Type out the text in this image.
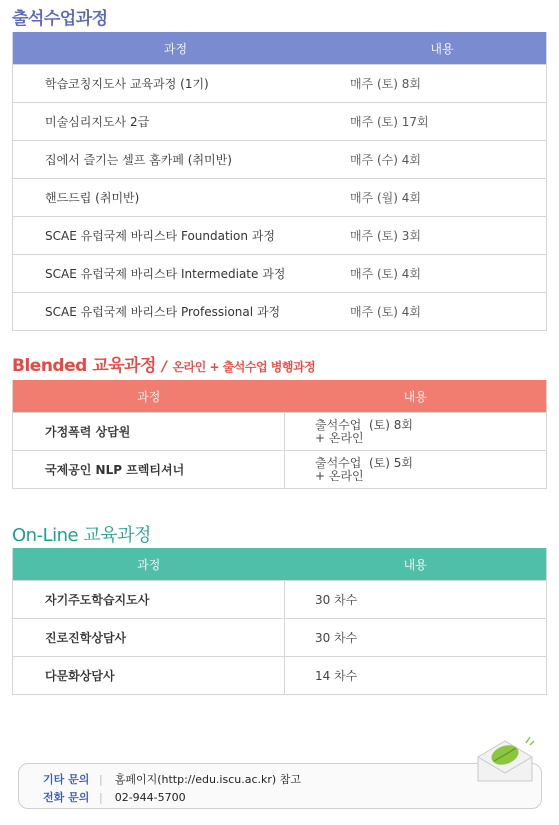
출석수업과정
과정	내용
학습코칭지도사 교육과정 (1기)	매주 (토) 8회
미술심리지도사 2급	매주 (토) 17회
집에서 즐기는 셀프 홈카페 (취미반)	매주 (수) 4회
핸드드립 (취미반)	매주 (월) 4회
SCAE 유럽국제 바리스타 Foundation 과정	매주 (토) 3회
SCAE 유럽국제 바리스타 Intermediate 과정	매주 (토) 4회
SCAE 유럽국제 바리스타 Professional 과정	매주 (토) 4회
Blended 교육과정 / 온라인 + 출석수업 병행과정
과정	내용
가정폭력 상담원	출석수업  (토) 8회
+ 온라인

국제공인 NLP 프렉티셔너	출석수업  (토) 5회
+ 온라인
On-Line 교육과정
과정	내용
자기주도학습지도사	30 차수
진로진학상담사	30 차수
다문화상담사	14 차수
기타 문의 | 홈페이지(http://edu.iscu.ac.kr) 참고
전화 문의 | 02-944-5700
